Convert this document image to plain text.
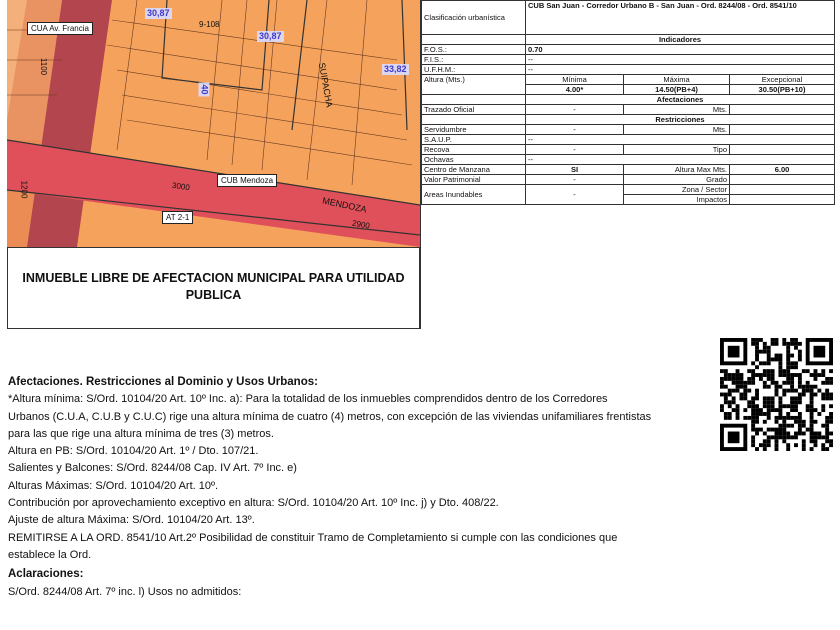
CUA Av. Francia
CUB Mendoza
AT 2-1
30,87
30,87
33,82
40
9-108
SUIPACHA
MENDOZA
1100
1200	3000
2900
INMUEBLE LIBRE DE AFECTACION MUNICIPAL PARA UTILIDAD PUBLICA
Clasificación urbanística	CUB San Juan - Corredor Urbano B - San Juan - Ord. 8244/08 - Ord. 8541/10		
	Indicadores		
F.O.S.:	0.70		
F.I.S.:	--		
U.F.H.M.:	--		
Altura (Mts.)	Mínima	Máxima	Excepcional
	4.00*	14.50(PB+4)	30.50(PB+10)
	Afectaciones		
Trazado Oficial	-	Mts.	
	Restricciones		
Servidumbre	-	Mts.	
S.A.U.P.	--		
Recova	-	Tipo	
Ochavas	--		
Centro de Manzana	SI	Altura Max Mts.	6.00
Valor Patrimonial	-	Grado	
Areas Inundables	-	Zona / Sector	
		Impactos	
Afectaciones. Restricciones al Dominio y Usos Urbanos:
*Altura mínima: S/Ord. 10104/20 Art. 10º Inc. a): Para la totalidad de los inmuebles comprendidos dentro de los Corredores
Urbanos (C.U.A, C.U.B y C.U.C) rige una altura mínima de cuatro (4) metros, con excepción de las viviendas unifamiliares frentistas
para las que rige una altura mínima de tres (3) metros.
Altura en PB: S/Ord. 10104/20 Art. 1º / Dto. 107/21.
Salientes y Balcones: S/Ord. 8244/08 Cap. IV Art. 7º Inc. e)
Alturas Máximas: S/Ord. 10104/20 Art. 10º.
Contribución por aprovechamiento exceptivo en altura: S/Ord. 10104/20 Art. 10º Inc. j) y Dto. 408/22.
Ajuste de altura Máxima: S/Ord. 10104/20 Art. 13º.
REMITIRSE A LA ORD. 8541/10 Art.2º Posibilidad de constituir Tramo de Completamiento si cumple con las condiciones que
establece la Ord.
Aclaraciones:
S/Ord. 8244/08 Art. 7º inc. l) Usos no admitidos:
